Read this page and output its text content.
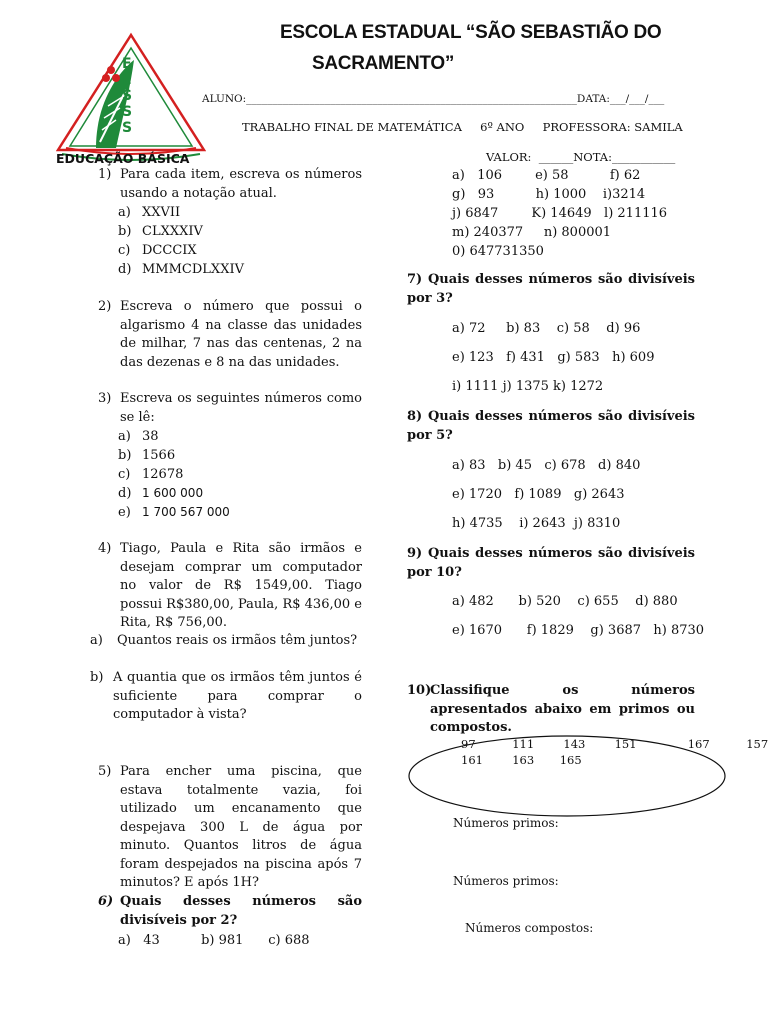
E
E
S
S
S
EDUCAÇÃO BÁSICA
ESCOLA ESTADUAL “SÃO SEBASTIÃO DO
SACRAMENTO”
ALUNO:_______________________________________________________________DATA:___/___/___
TRABALHO FINAL DE MATEMÁTICA     6º ANO     PROFESSORA: SAMILA
VALOR:  ______NOTA:___________
1) Para cada item, escreva os números usando a notação atual.
a) XXVII
b) CLXXXIV
c) DCCCIX
d) MMMCDLXXIV
2) Escreva o número que possui o algarismo 4 na classe das unidades de milhar, 7 nas das centenas, 2 na das dezenas e 8 na das unidades.
3) Escreva os seguintes números como se lê:
a) 38
b) 1566
c) 12678
d) 1 600 000
e) 1 700 567 000
4) Tiago, Paula e Rita são irmãos e desejam comprar um computador no valor de R$ 1549,00. Tiago possui R$380,00, Paula, R$ 436,00 e Rita, R$ 756,00.
a) Quantos reais os irmãos têm juntos?
b) A quantia que os irmãos têm juntos é suficiente para comprar o computador à vista?
5) Para encher uma piscina, que estava totalmente vazia, foi utilizado um encanamento que despejava 300 L de água por minuto. Quantos litros de água foram despejados na piscina após 7 minutos? E após 1H?
6) Quais desses números são divisíveis por 2?
a)   43          b) 981      c) 688
a)   106        e) 58          f) 62
g)   93          h) 1000    i)3214
j) 6847        K) 14649   l) 211116
m) 240377     n) 800001
0) 647731350
7) Quais desses números são divisíveis por 3?
a) 72     b) 83    c) 58    d) 96
e) 123   f) 431   g) 583   h) 609
i) 1111 j) 1375 k) 1272
8) Quais desses números são divisíveis por 5?
a) 83   b) 45   c) 678   d) 840
e) 1720   f) 1089   g) 2643
h) 4735    i) 2643  j) 8310
9) Quais desses números são divisíveis por 10?
a) 482      b) 520    c) 655    d) 880
e) 1670      f) 1829    g) 3687   h) 8730
10)
Classifique os números apresentados abaixo em primos ou compostos.
97          111        143        151              167          157
161        163       165
Números primos:
Números primos:
Números compostos:
